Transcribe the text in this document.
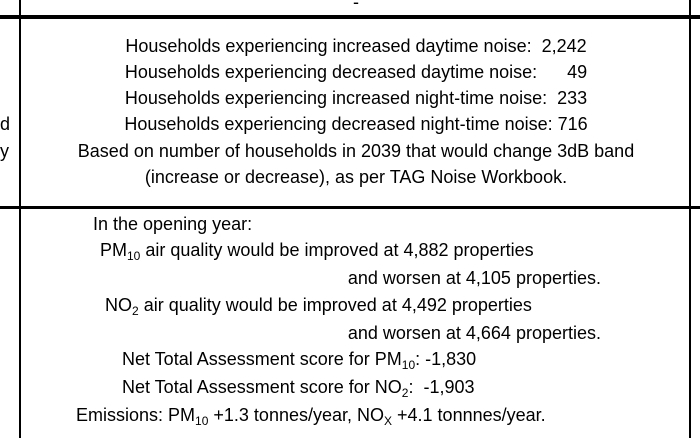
-
d
y
Households experiencing increased daytime noise:  2,242
Households experiencing decreased daytime noise:      49
Households experiencing increased night-time noise:  233
Households experiencing decreased night-time noise: 716
Based on number of households in 2039 that would change 3dB band
(increase or decrease), as per TAG Noise Workbook.
In the opening year:
$PM_{10}$ air quality would be improved at 4,882 properties
and worsen at 4,105 properties.
$NO_2$ air quality would be improved at 4,492 properties
and worsen at 4,664 properties.
Net Total Assessment score for $PM_{10}$: -1,830
Net Total Assessment score for $NO_2$:  -1,903
Emissions: $PM_{10} +1.3$ tonnes/year, $NO_X +4.1$ tonnnes/year.
